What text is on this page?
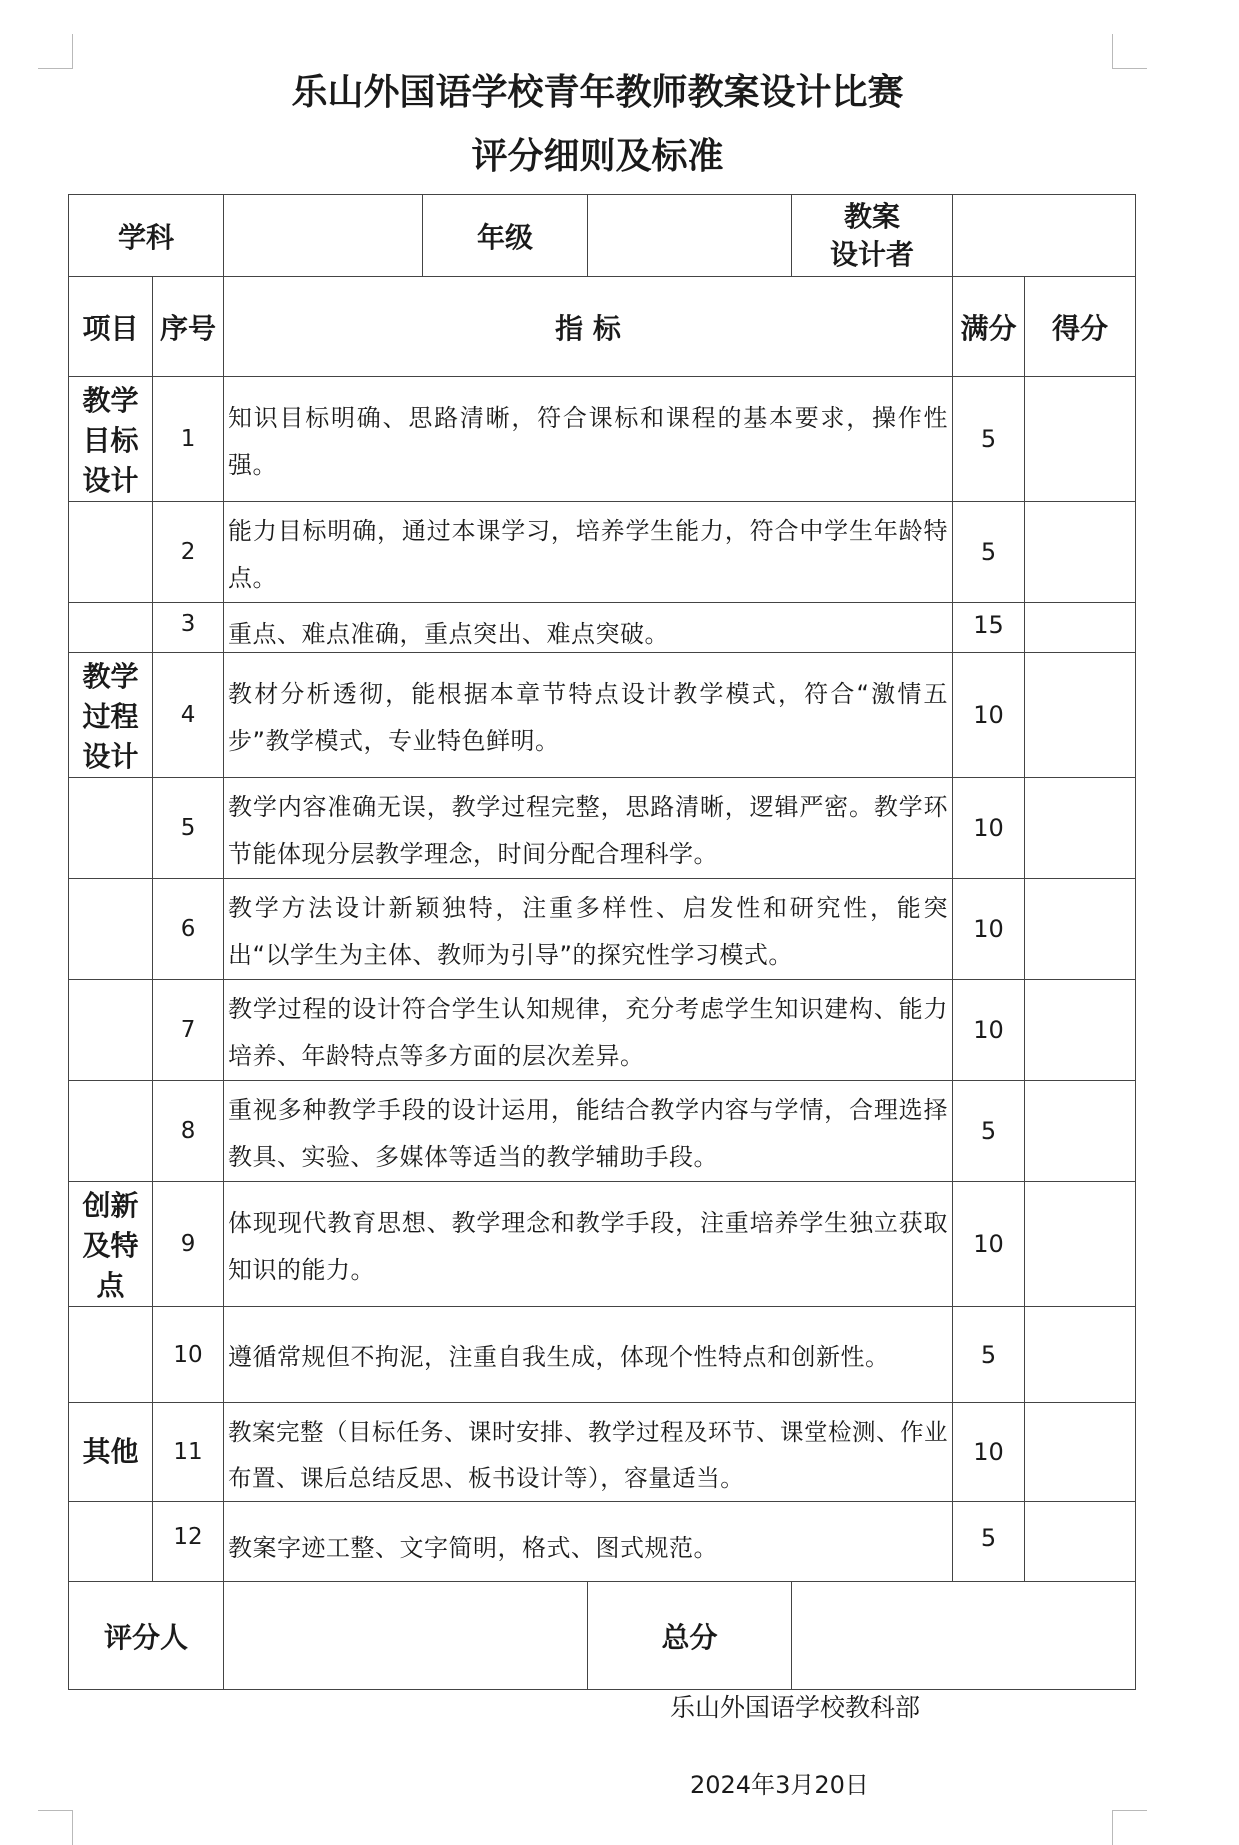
乐山外国语学校青年教师教案设计比赛
评分细则及标准
学科			年级		教案
设计者		

项目	序号	指 标				满分	得分

教学目标设计	1	知识目标明确、思路清晰，符合课标和课程的基本要求，操作性强。				5	
	2	能力目标明确，通过本课学习，培养学生能力，符合中学生年龄特点。				5	
	3	重点、难点准确，重点突出、难点突破。				15	

教学过程设计	4	教材分析透彻，能根据本章节特点设计教学模式，符合“激情五步”教学模式，专业特色鲜明。				10	
	5	教学内容准确无误，教学过程完整，思路清晰，逻辑严密。教学环节能体现分层教学理念，时间分配合理科学。				10	
	6	教学方法设计新颖独特，注重多样性、启发性和研究性，能突出“以学生为主体、教师为引导”的探究性学习模式。				10	
	7	教学过程的设计符合学生认知规律，充分考虑学生知识建构、能力培养、年龄特点等多方面的层次差异。				10	
	8	重视多种教学手段的设计运用，能结合教学内容与学情，合理选择教具、实验、多媒体等适当的教学辅助手段。				5	

创新及特点	9	体现现代教育思想、教学理念和教学手段，注重培养学生独立获取知识的能力。				10	
	10	遵循常规但不拘泥，注重自我生成，体现个性特点和创新性。				5	
其他	11	教案完整（目标任务、课时安排、教学过程及环节、课堂检测、作业布置、课后总结反思、板书设计等），容量适当。				10	
	12	教案字迹工整、文字简明，格式、图式规范。				5	
评分人				总分			
乐山外国语学校教科部
2024年3月20日
